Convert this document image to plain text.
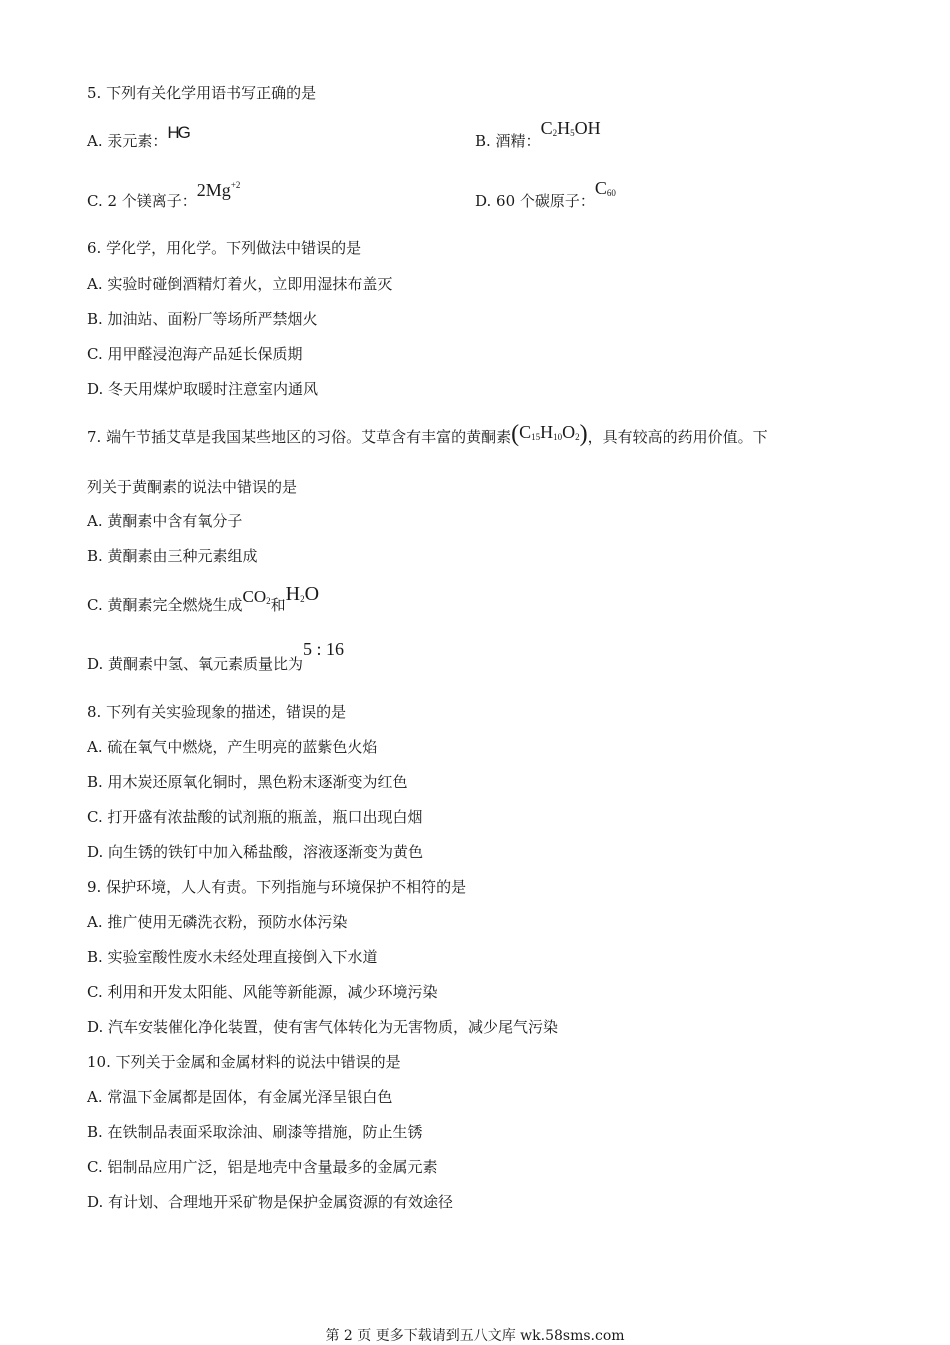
5. 下列有关化学用语书写正确的是
A. 汞元素：HG	B. 酒精：$C_2H_5OH$
C. 2 个镁离子：$2Mg^{+2}$
D. 60 个碳原子：$C_{60}$
6. 学化学，用化学。下列做法中错误的是
A. 实验时碰倒酒精灯着火，立即用湿抹布盖灭
B. 加油站、面粉厂等场所严禁烟火
C. 用甲醛浸泡海产品延长保质期
D. 冬天用煤炉取暖时注意室内通风
7. 端午节插艾草是我国某些地区的习俗。艾草含有丰富的黄酮素$(C_{15}H_{10}O_2)$，具有较高的药用价值。下
列关于黄酮素的说法中错误的是
A. 黄酮素中含有氧分子
B. 黄酮素由三种元素组成
C. 黄酮素完全燃烧生成$CO_2$和$H_2O$
D. 黄酮素中氢、氧元素质量比为5 : 16
8. 下列有关实验现象的描述，错误的是
A. 硫在氧气中燃烧，产生明亮的蓝紫色火焰
B. 用木炭还原氧化铜时，黑色粉末逐渐变为红色
C. 打开盛有浓盐酸的试剂瓶的瓶盖，瓶口出现白烟
D. 向生锈的铁钉中加入稀盐酸，溶液逐渐变为黄色
9. 保护环境，人人有责。下列指施与环境保护不相符的是
A. 推广使用无磷洗衣粉，预防水体污染
B. 实验室酸性废水未经处理直接倒入下水道
C. 利用和开发太阳能、风能等新能源，减少环境污染
D. 汽车安装催化净化装置，使有害气体转化为无害物质，减少尾气污染
10. 下列关于金属和金属材料的说法中错误的是
A. 常温下金属都是固体，有金属光泽呈银白色
B. 在铁制品表面采取涂油、刷漆等措施，防止生锈
C. 铝制品应用广泛，铝是地壳中含量最多的金属元素
D. 有计划、合理地开采矿物是保护金属资源的有效途径
第 2 页 更多下载请到五八文库 wk.58sms.com
